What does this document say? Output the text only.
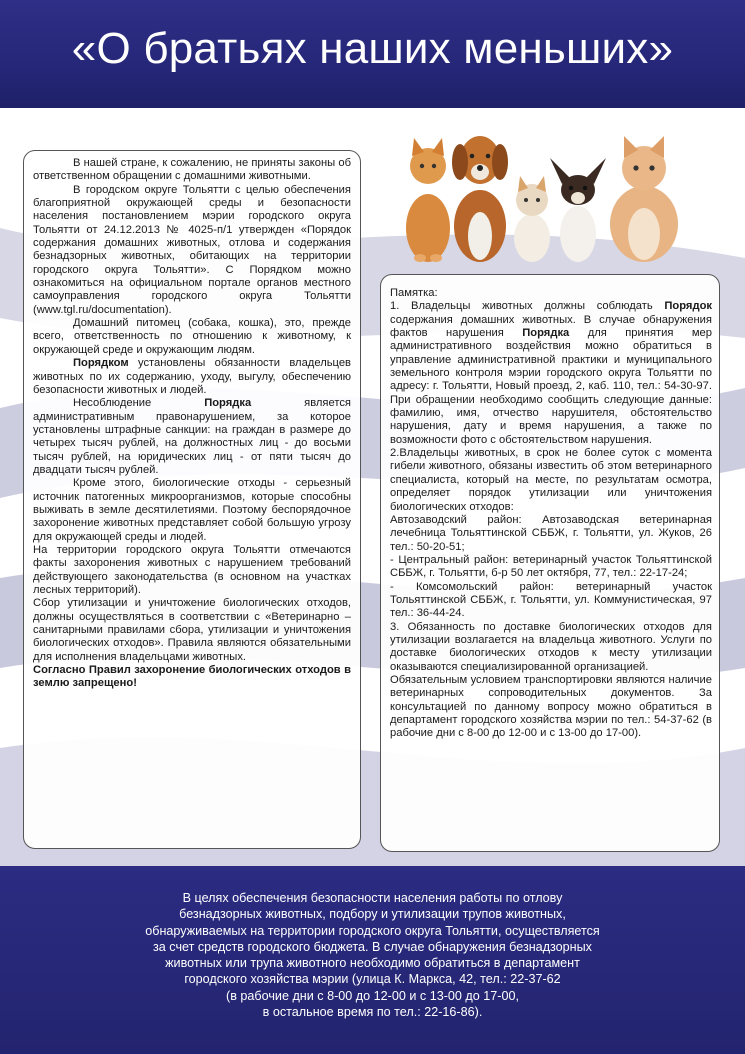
«О братьях наших меньших»

В нашей стране, к сожалению, не приняты законы об ответственном обращении с домашними животными.

В городском округе Тольятти с целью обеспечения благоприятной окружающей среды и безопасности населения постановлением мэрии городского округа Тольятти от 24.12.2013 № 4025-п/1 утвержден «Порядок содержания домашних животных, отлова и содержания безнадзорных животных, обитающих на территории городского округа Тольятти». С Порядком можно ознакомиться на официальном портале органов местного самоуправления городского округа Тольятти (www.tgl.ru/documentation).

Домашний питомец (собака, кошка), это, прежде всего, ответственность по отношению к животному, к окружающей среде и окружающим людям.

Порядком установлены обязанности владельцев животных по их содержанию, уходу, выгулу, обеспечению безопасности животных и людей.

Несоблюдение Порядка является административным правонарушением, за которое установлены штрафные санкции: на граждан в размере до четырех тысяч рублей, на должностных лиц - до восьми тысяч рублей, на юридических лиц - от пяти тысяч до двадцати тысяч рублей.

Кроме этого, биологические отходы - серьезный источник патогенных микроорганизмов, которые способны выживать в земле десятилетиями. Поэтому беспорядочное захоронение животных представляет собой большую угрозу для окружающей среды и людей.

На территории городского округа Тольятти отмечаются факты захоронения животных с нарушением требований действующего законодательства (в основном на участках лесных территорий).

Сбор утилизации и уничтожение биологических отходов, должны осуществляться в соответствии с «Ветеринарно – санитарными правилами сбора, утилизации и уничтожения биологических отходов». Правила являются обязательными для исполнения владельцами животных.

Согласно Правил захоронение биологических отходов в землю запрещено!

Памятка:

1. Владельцы животных должны соблюдать Порядок содержания домашних животных. В случае обнаружения фактов нарушения Порядка для принятия мер административного воздействия можно обратиться в управление административной практики и муниципального земельного контроля мэрии городского округа Тольятти по адресу: г. Тольятти, Новый проезд, 2, каб. 110, тел.: 54-30-97. При обращении необходимо сообщить следующие данные: фамилию, имя, отчество нарушителя, обстоятельство нарушения, дату и время нарушения, а также по возможности фото с обстоятельством нарушения.

2.Владельцы животных, в срок не более суток с момента гибели животного, обязаны известить об этом ветеринарного специалиста, который на месте, по результатам осмотра, определяет порядок утилизации или уничтожения биологических отходов:

Автозаводский район: Автозаводская ветеринарная лечебница Тольяттинской СББЖ, г. Тольятти, ул. Жуков, 26 тел.: 50-20-51;

- Центральный район: ветеринарный участок Тольяттинской СББЖ, г. Тольятти, б-р 50 лет октября, 77, тел.: 22-17-24;

- Комсомольский район: ветеринарный участок Тольяттинской СББЖ, г. Тольятти, ул. Коммунистическая, 97 тел.: 36-44-24.

3. Обязанность по доставке биологических отходов для утилизации возлагается на владельца животного. Услуги по доставке биологических отходов к месту утилизации оказываются специализированной организацией.

Обязательным условием транспортировки являются наличие ветеринарных сопроводительных документов. За консультацией по данному вопросу можно обратиться в департамент городского хозяйства мэрии по тел.: 54-37-62 (в рабочие дни с 8-00 до 12-00 и с 13-00 до 17-00).

В целях обеспечения безопасности населения работы по отлову
безнадзорных животных, подбору и утилизации трупов животных,
обнаруживаемых на территории городского округа Тольятти, осуществляется
за счет средств городского бюджета. В случае обнаружения безнадзорных
животных или трупа животного необходимо обратиться в департамент
городского хозяйства мэрии (улица К. Маркса, 42, тел.: 22-37-62
(в рабочие дни с 8-00 до 12-00 и с 13-00 до 17-00,
в остальное время по тел.: 22-16-86).
